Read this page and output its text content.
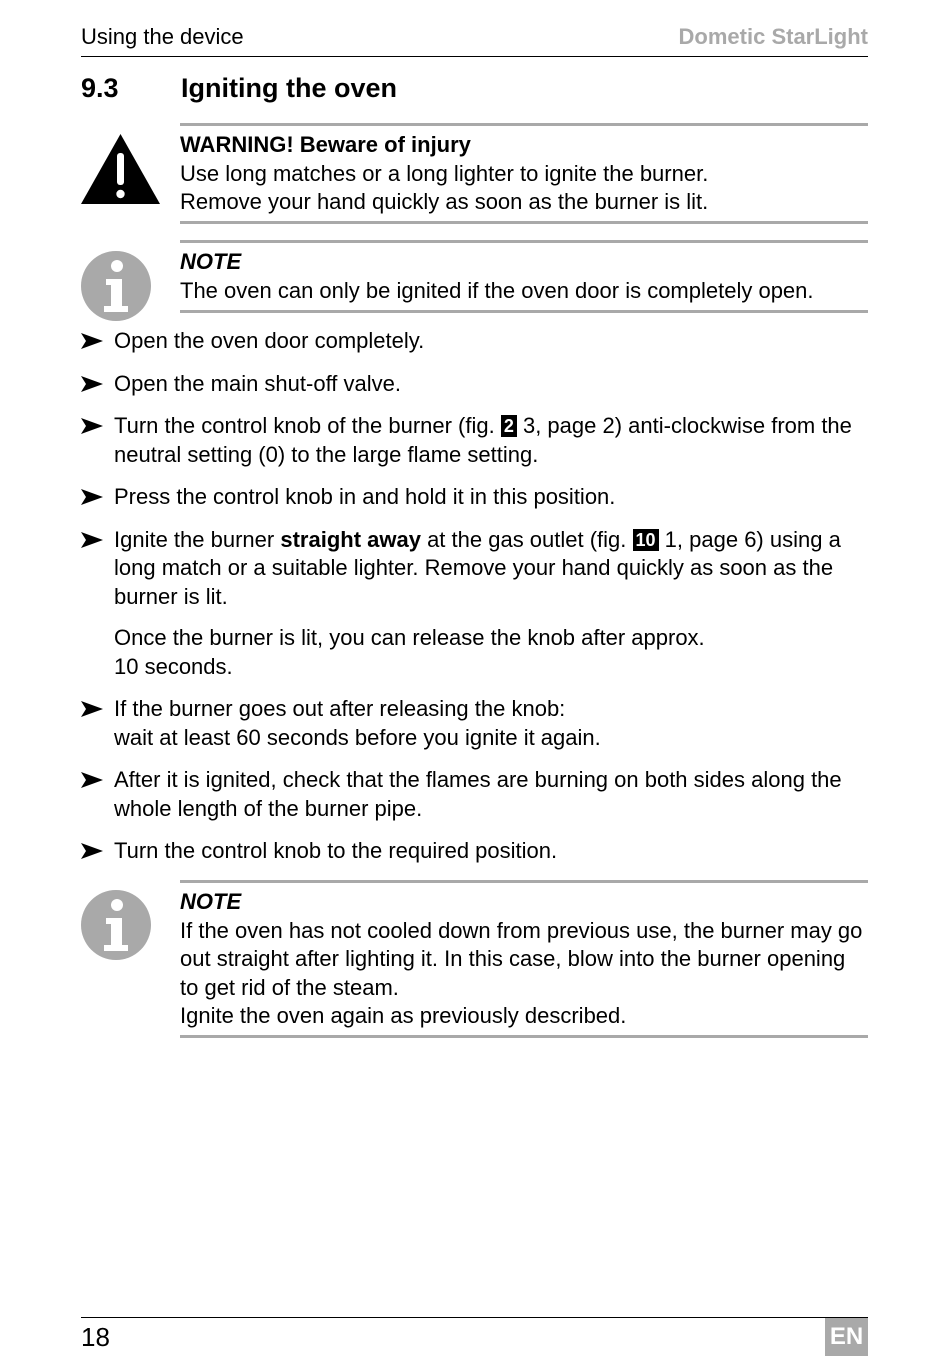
Using the device	Dometic StarLight
9.3 Igniting the oven

WARNING! Beware of injury

Use long matches or a long lighter to ignite the burner.

Remove your hand quickly as soon as the burner is lit.

NOTE

The oven can only be ignited if the oven door is completely open.

Open the oven door completely.

Open the main shut-off valve.

Turn the control knob of the burner (fig. 2 3, page 2) anti-clockwise from the neutral setting (0) to the large flame setting.

Press the control knob in and hold it in this position.

Ignite the burner straight away at the gas outlet (fig. 10 1, page 6) using a long match or a suitable lighter. Remove your hand quickly as soon as the burner is lit.

Once the burner is lit, you can release the knob after approx.
10 seconds.

If the burner goes out after releasing the knob:
wait at least 60 seconds before you ignite it again.

After it is ignited, check that the flames are burning on both sides along the whole length of the burner pipe.

Turn the control knob to the required position.

NOTE

If the oven has not cooled down from previous use, the burner may go out straight after lighting it. In this case, blow into the burner opening to get rid of the steam.

Ignite the oven again as previously described.

18	EN
